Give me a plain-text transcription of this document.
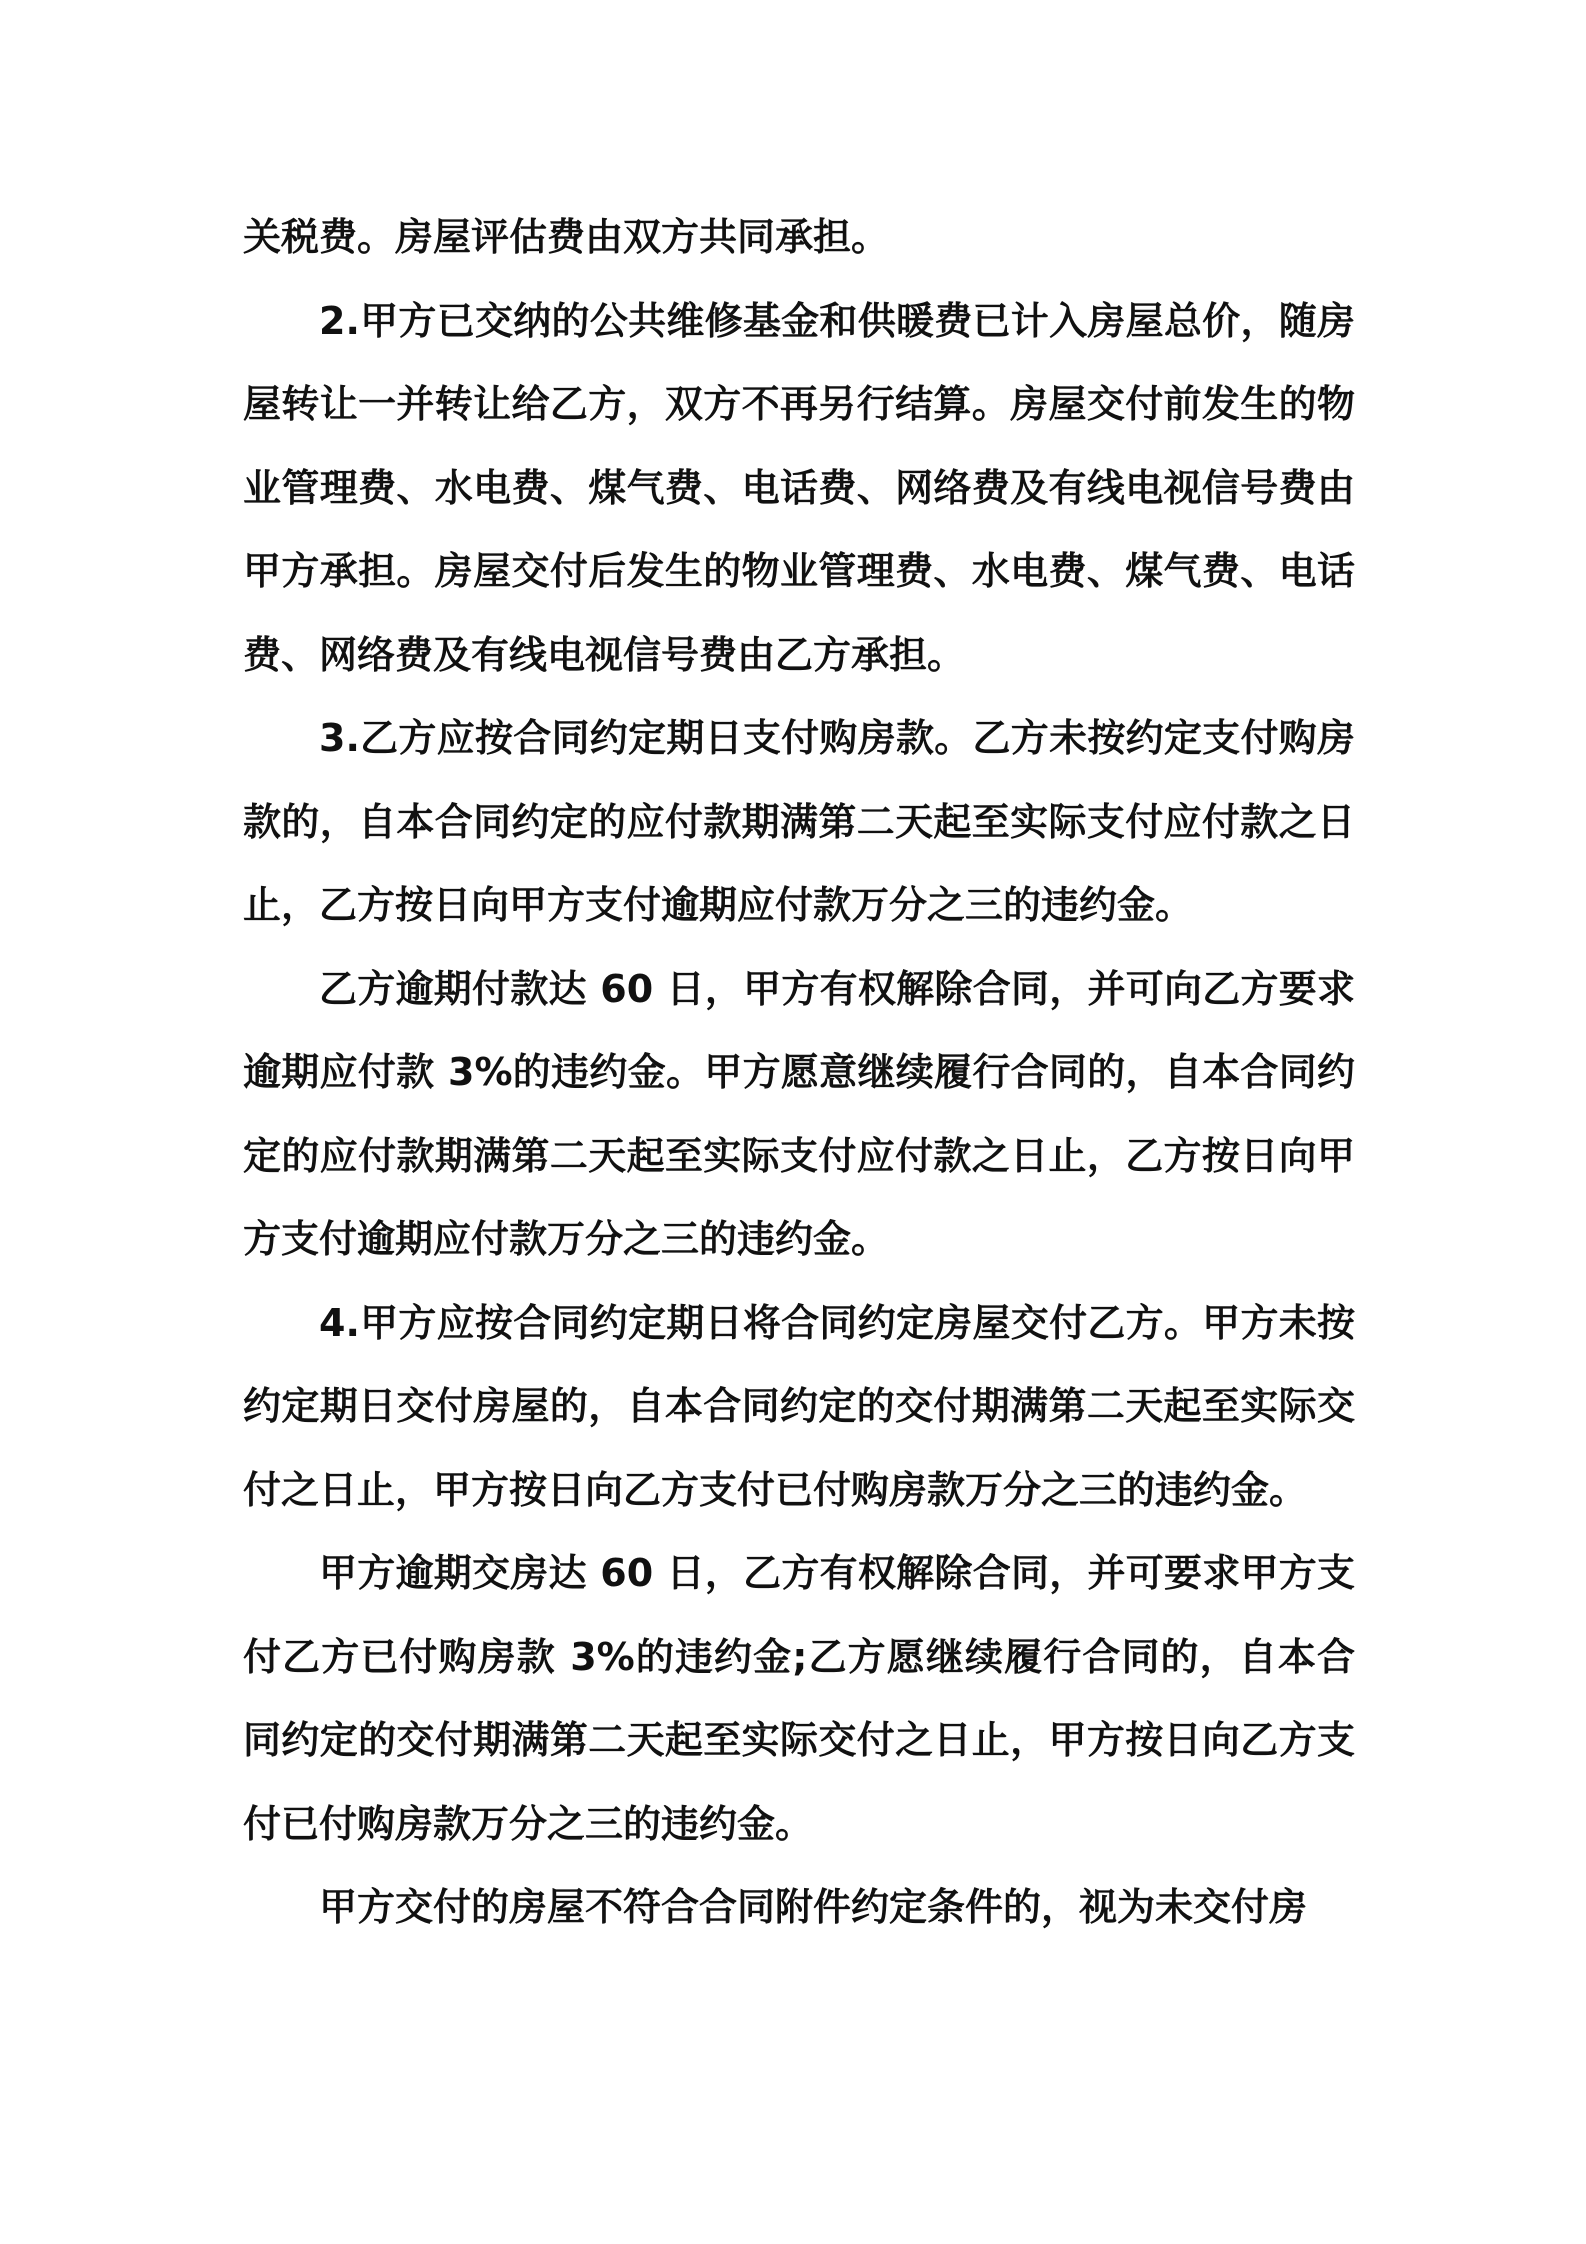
关税费。房屋评估费由双方共同承担。

2.甲方已交纳的公共维修基金和供暖费已计入房屋总价，随房屋转让一并转让给乙方，双方不再另行结算。房屋交付前发生的物业管理费、水电费、煤气费、电话费、网络费及有线电视信号费由甲方承担。房屋交付后发生的物业管理费、水电费、煤气费、电话费、网络费及有线电视信号费由乙方承担。

3.乙方应按合同约定期日支付购房款。乙方未按约定支付购房款的，自本合同约定的应付款期满第二天起至实际支付应付款之日止，乙方按日向甲方支付逾期应付款万分之三的违约金。

乙方逾期付款达 60 日，甲方有权解除合同，并可向乙方要求逾期应付款 3%的违约金。甲方愿意继续履行合同的，自本合同约定的应付款期满第二天起至实际支付应付款之日止，乙方按日向甲方支付逾期应付款万分之三的违约金。

4.甲方应按合同约定期日将合同约定房屋交付乙方。甲方未按约定期日交付房屋的，自本合同约定的交付期满第二天起至实际交付之日止，甲方按日向乙方支付已付购房款万分之三的违约金。

甲方逾期交房达 60 日，乙方有权解除合同，并可要求甲方支付乙方已付购房款 3%的违约金;乙方愿继续履行合同的，自本合同约定的交付期满第二天起至实际交付之日止，甲方按日向乙方支付已付购房款万分之三的违约金。

甲方交付的房屋不符合合同附件约定条件的，视为未交付房
